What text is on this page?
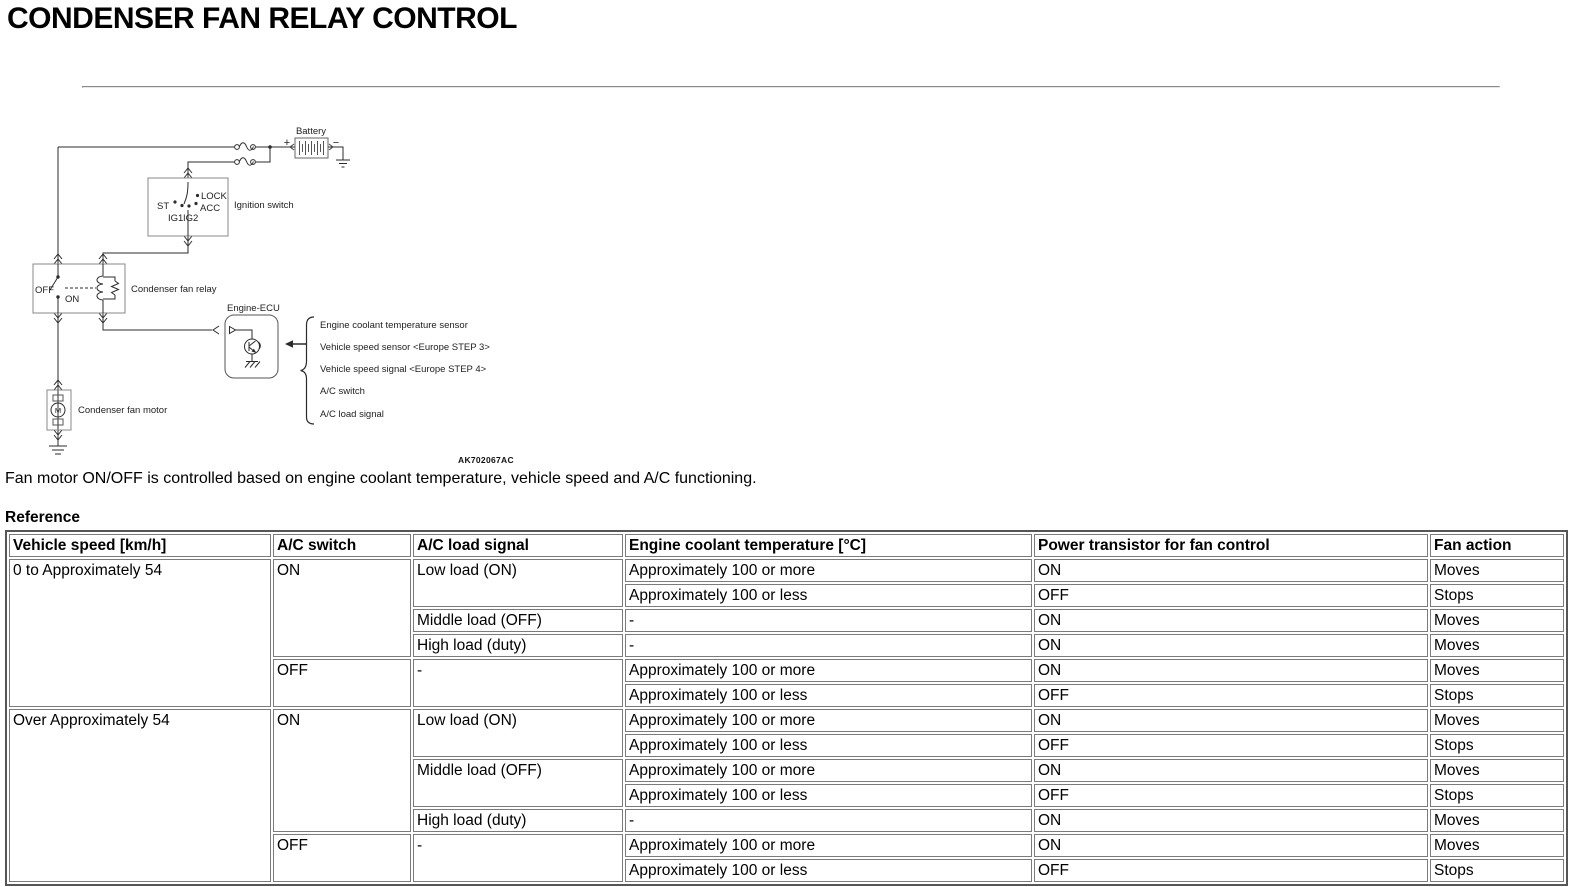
CONDENSER FAN RELAY CONTROL
Battery
+	−
ST
LOCK
ACC
IG1 IG2
Ignition switch
OFF
ON
Condenser fan relay
M Condenser fan motor
Engine-ECU
Engine coolant temperature sensor
Vehicle speed sensor <Europe STEP 3>
Vehicle speed signal <Europe STEP 4>
A/C switch
A/C load signal
AK702067AC

Fan motor ON/OFF is controlled based on engine coolant temperature, vehicle speed and A/C functioning.

Reference
Vehicle speed [km/h]	A/C switch	A/C load signal	Engine coolant temperature [°C]	Power transistor for fan control	Fan action
0 to Approximately 54	ON	Low load (ON)	Approximately 100 or more	ON	Moves
			Approximately 100 or less	OFF	Stops
		Middle load (OFF)	-	ON	Moves
		High load (duty)	-	ON	Moves
	OFF	-	Approximately 100 or more	ON	Moves
			Approximately 100 or less	OFF	Stops
Over Approximately 54	ON	Low load (ON)	Approximately 100 or more	ON	Moves
			Approximately 100 or less	OFF	Stops
		Middle load (OFF)	Approximately 100 or more	ON	Moves
			Approximately 100 or less	OFF	Stops
		High load (duty)	-	ON	Moves
	OFF	-	Approximately 100 or more	ON	Moves
			Approximately 100 or less	OFF	Stops
